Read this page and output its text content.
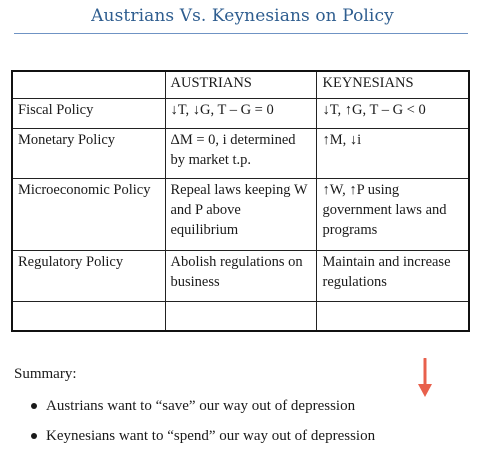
Austrians Vs. Keynesians on Policy
	AUSTRIANS	KEYNESIANS
Fiscal Policy	↓T, ↓G, T – G = 0	↓T, ↑G, T – G < 0
Monetary Policy	ΔM = 0, i determined by market t.p.	↑M, ↓i
Microeconomic Policy	Repeal laws keeping W and P above equilibrium	↑W, ↑P using government laws and programs
Regulatory Policy	Abolish regulations on business	Maintain and increase regulations

Summary:
Austrians want to “save” our way out of depression
Keynesians want to “spend” our way out of depression
